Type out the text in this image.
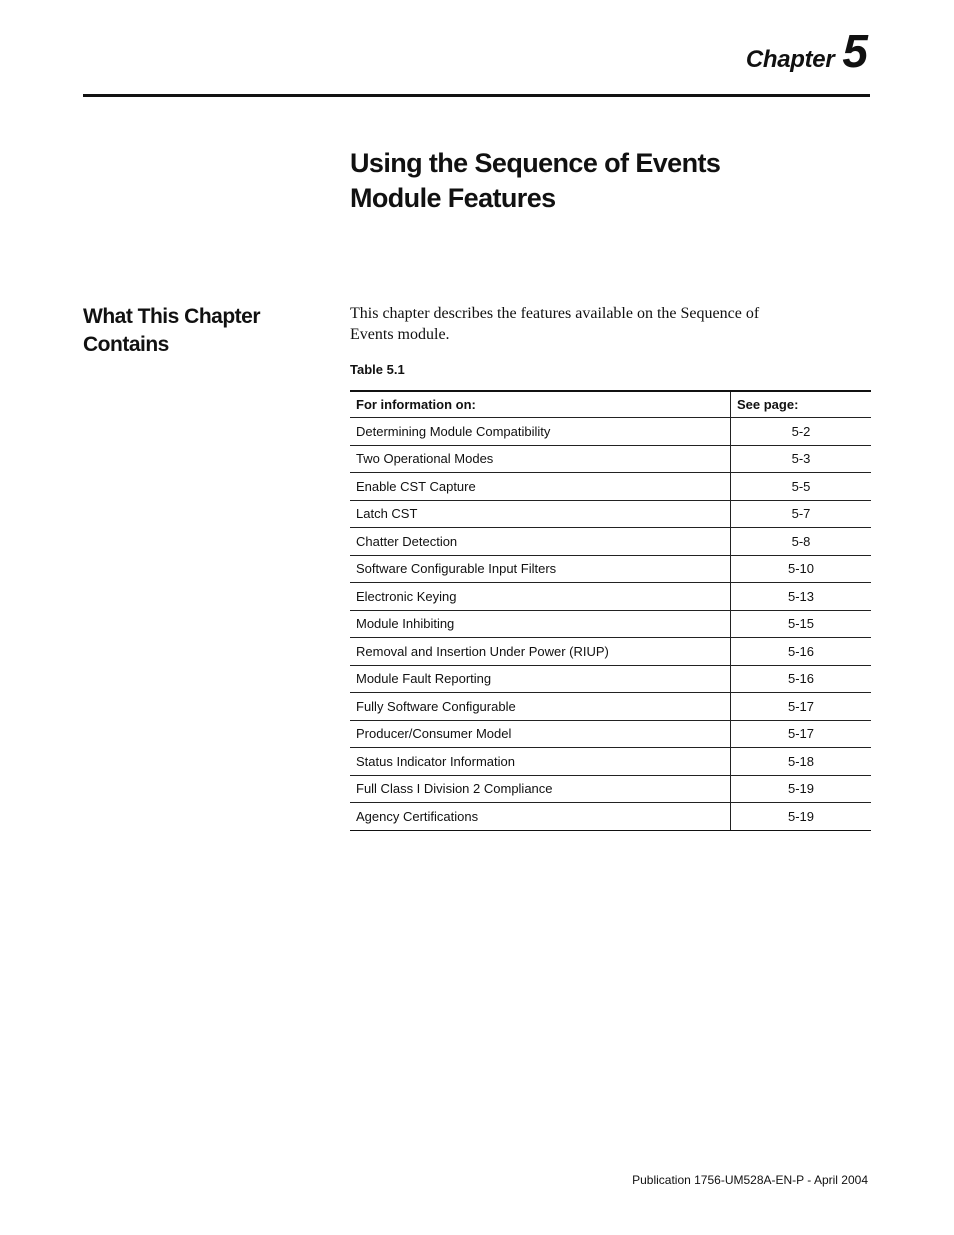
Chapter 5
Using the Sequence of Events
Module Features
What This Chapter
Contains

This chapter describes the features available on the Sequence of
Events module.

Table 5.1
For information on:	See page:
Determining Module Compatibility	5-2
Two Operational Modes	5-3
Enable CST Capture	5-5
Latch CST	5-7
Chatter Detection	5-8
Software Configurable Input Filters	5-10
Electronic Keying	5-13
Module Inhibiting	5-15
Removal and Insertion Under Power (RIUP)	5-16
Module Fault Reporting	5-16
Fully Software Configurable	5-17
Producer/Consumer Model	5-17
Status Indicator Information	5-18
Full Class I Division 2 Compliance	5-19
Agency Certifications	5-19
Publication 1756-UM528A-EN-P - April 2004
